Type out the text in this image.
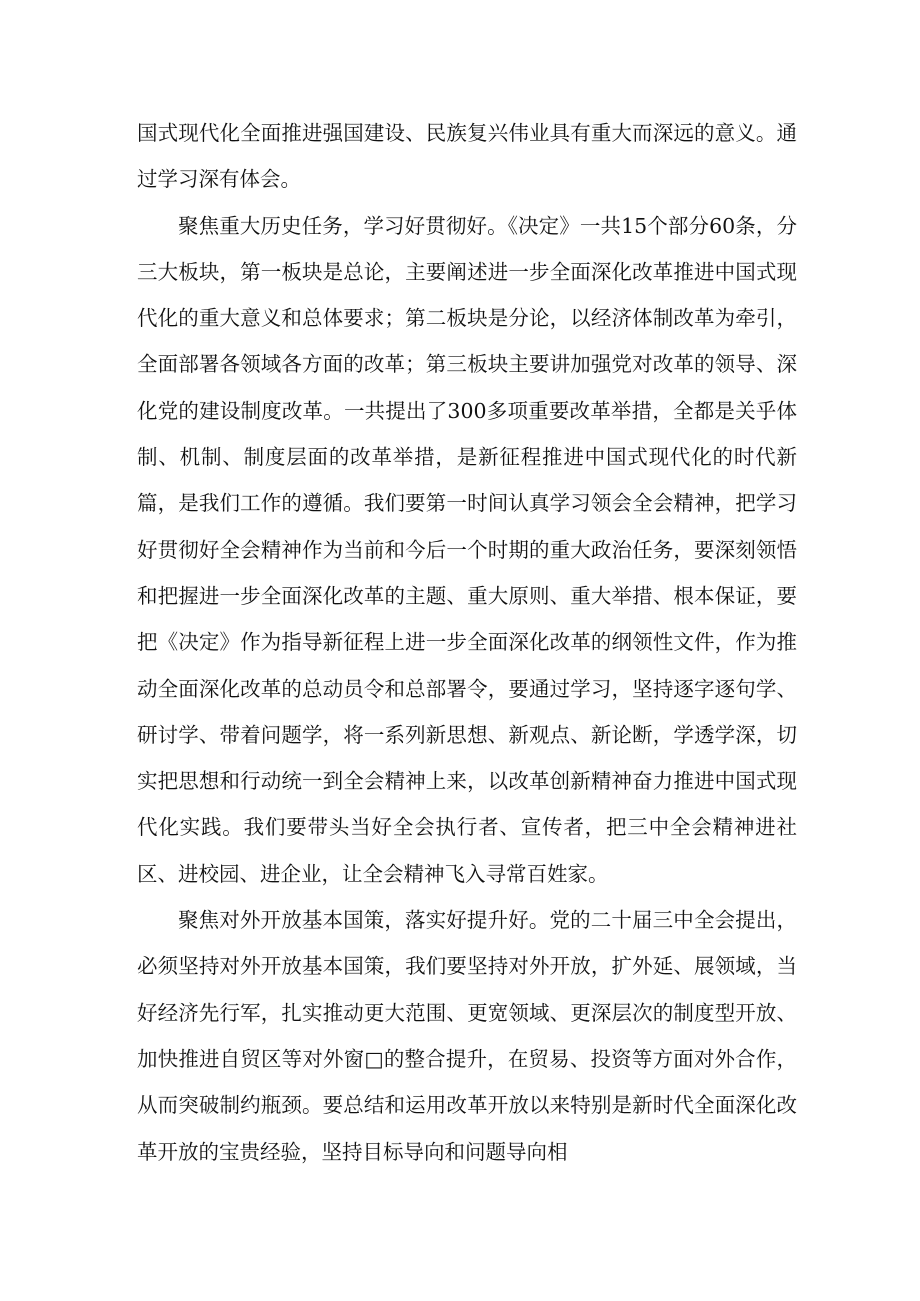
国式现代化全面推进强国建设、民族复兴伟业具有重大而深远的意义。通过学习深有体会。

聚焦重大历史任务，学习好贯彻好。《决定》一共15个部分60条，分三大板块，第一板块是总论，主要阐述进一步全面深化改革推进中国式现代化的重大意义和总体要求；第二板块是分论，以经济体制改革为牵引，全面部署各领域各方面的改革；第三板块主要讲加强党对改革的领导、深化党的建设制度改革。一共提出了300多项重要改革举措，全都是关乎体制、机制、制度层面的改革举措，是新征程推进中国式现代化的时代新篇，是我们工作的遵循。我们要第一时间认真学习领会全会精神，把学习好贯彻好全会精神作为当前和今后一个时期的重大政治任务，要深刻领悟和把握进一步全面深化改革的主题、重大原则、重大举措、根本保证，要把《决定》作为指导新征程上进一步全面深化改革的纲领性文件，作为推动全面深化改革的总动员令和总部署令，要通过学习，坚持逐字逐句学、研讨学、带着问题学，将一系列新思想、新观点、新论断，学透学深，切实把思想和行动统一到全会精神上来，以改革创新精神奋力推进中国式现代化实践。我们要带头当好全会执行者、宣传者，把三中全会精神进社区、进校园、进企业，让全会精神飞入寻常百姓家。

聚焦对外开放基本国策，落实好提升好。党的二十届三中全会提出，必须坚持对外开放基本国策，我们要坚持对外开放，扩外延、展领域，当好经济先行军，扎实推动更大范围、更宽领域、更深层次的制度型开放、加快推进自贸区等对外窗□的整合提升，在贸易、投资等方面对外合作，从而突破制约瓶颈。要总结和运用改革开放以来特别是新时代全面深化改革开放的宝贵经验，坚持目标导向和问题导向相
